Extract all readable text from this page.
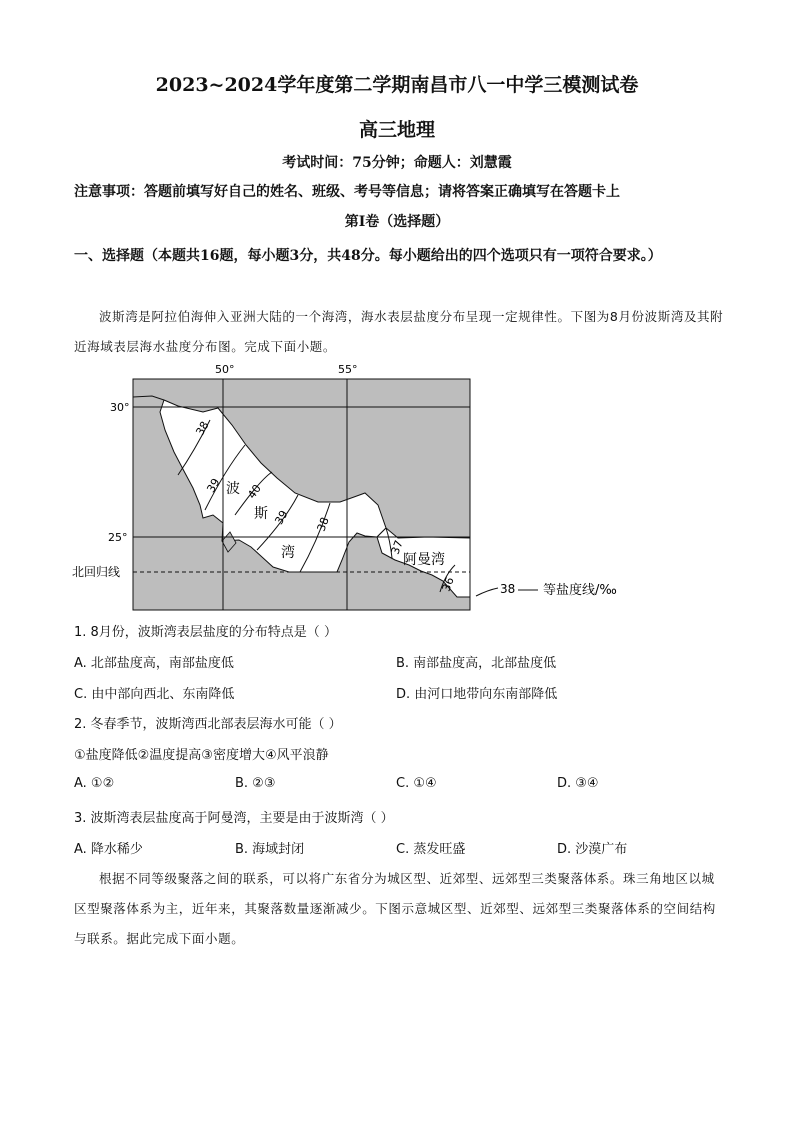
2023~2024学年度第二学期南昌市八一中学三模测试卷
高三地理
考试时间：75分钟；命题人：刘慧霞
注意事项：答题前填写好自己的姓名、班级、考号等信息；请将答案正确填写在答题卡上
第I卷（选择题）
一、选择题（本题共16题，每小题3分，共48分。每小题给出的四个选项只有一项符合要求。）
波斯湾是阿拉伯海伸入亚洲大陆的一个海湾，海水表层盐度分布呈现一定规律性。下图为8月份波斯湾及其附近海域表层海水盐度分布图。完成下面小题。
50°	55°
30°
25°
北回归线
波
斯
湾	阿曼湾
38
39 40
39 38
37
36	38 等盐度线/‰
1. 8月份，波斯湾表层盐度的分布特点是（ ）
A. 北部盐度高，南部盐度低	B. 南部盐度高，北部盐度低
C. 由中部向西北、东南降低	D. 由河口地带向东南部降低
2. 冬春季节，波斯湾西北部表层海水可能（ ）
①盐度降低②温度提高③密度增大④风平浪静
A. ①②	B. ②③	C. ①④	D. ③④
3. 波斯湾表层盐度高于阿曼湾，主要是由于波斯湾（ ）
A. 降水稀少	B. 海域封闭	C. 蒸发旺盛	D. 沙漠广布
根据不同等级聚落之间的联系，可以将广东省分为城区型、近郊型、远郊型三类聚落体系。珠三角地区以城区型聚落体系为主，近年来，其聚落数量逐渐减少。下图示意城区型、近郊型、远郊型三类聚落体系的空间结构与联系。据此完成下面小题。
